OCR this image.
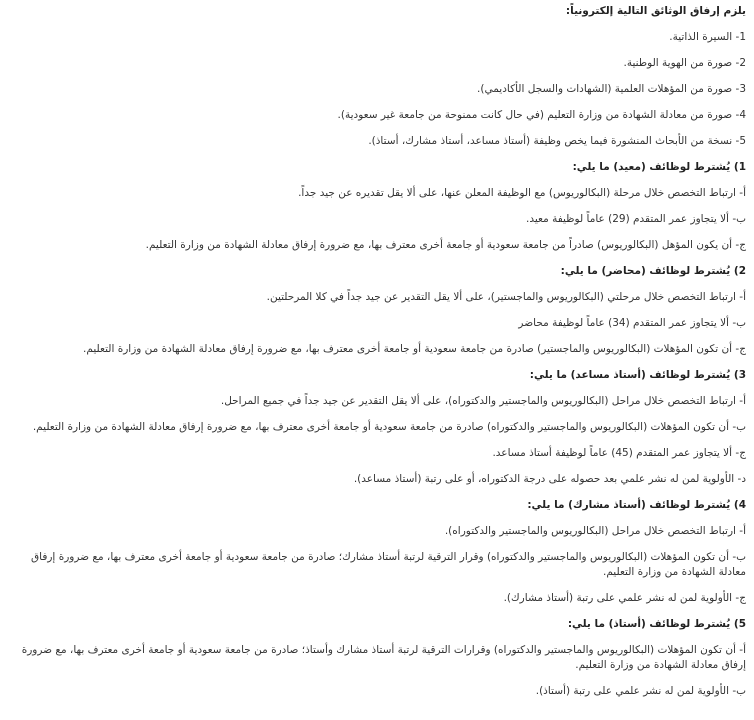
يلزم إرفاق الوثائق التالية إلكترونياً:

1- السيرة الذاتية.

2- صورة من الهوية الوطنية.

3- صورة من المؤهلات العلمية (الشهادات والسجل الأكاديمي).

4- صورة من معادلة الشهادة من وزارة التعليم (في حال كانت ممنوحة من جامعة غير سعودية).

5- نسخة من الأبحاث المنشورة فيما يخص وظيفة (أستاذ مساعد، أستاذ مشارك، أستاذ).

1) يُشترط لوظائف (معيد) ما يلي:

أ- ارتباط التخصص خلال مرحلة (البكالوريوس) مع الوظيفة المعلن عنها، على ألا يقل تقديره عن جيد جداً.

ب- ألا يتجاوز عمر المتقدم (29) عاماً لوظيفة معيد.

ج- أن يكون المؤهل (البكالوريوس) صادراً من جامعة سعودية أو جامعة أخرى معترف بها، مع ضرورة إرفاق معادلة الشهادة من وزارة التعليم.

2) يُشترط لوظائف (محاضر) ما يلي:

أ- ارتباط التخصص خلال مرحلتي (البكالوريوس والماجستير)، على ألا يقل التقدير عن جيد جداً في كلا المرحلتين.

ب- ألا يتجاوز عمر المتقدم (34) عاماً لوظيفة محاضر

ج- أن تكون المؤهلات (البكالوريوس والماجستير) صادرة من جامعة سعودية أو جامعة أخرى معترف بها، مع ضرورة إرفاق معادلة الشهادة من وزارة التعليم.

3) يُشترط لوظائف (أستاذ مساعد) ما يلي:

أ- ارتباط التخصص خلال مراحل (البكالوريوس والماجستير والدكتوراه)، على ألا يقل التقدير عن جيد جداً في جميع المراحل.

ب- أن تكون المؤهلات (البكالوريوس والماجستير والدكتوراه) صادرة من جامعة سعودية أو جامعة أخرى معترف بها، مع ضرورة إرفاق معادلة الشهادة من وزارة التعليم.

ج- ألا يتجاوز عمر المتقدم (45) عاماً لوظيفة أستاذ مساعد.

د- الأولوية لمن له نشر علمي بعد حصوله على درجة الدكتوراه، أو على رتبة (أستاذ مساعد).

4) يُشترط لوظائف (أستاذ مشارك) ما يلي:

أ- ارتباط التخصص خلال مراحل (البكالوريوس والماجستير والدكتوراه).

ب- أن تكون المؤهلات (البكالوريوس والماجستير والدكتوراه) وقرار الترقية لرتبة أستاذ مشارك؛ صادرة من جامعة سعودية أو جامعة أخرى معترف بها، مع ضرورة إرفاق معادلة الشهادة من وزارة التعليم.

ج- الأولوية لمن له نشر علمي على رتبة (أستاذ مشارك).

5) يُشترط لوظائف (أستاذ) ما يلي:

أ- أن تكون المؤهلات (البكالوريوس والماجستير والدكتوراه) وقرارات الترقية لرتبة أستاذ مشارك وأستاذ؛ صادرة من جامعة سعودية أو جامعة أخرى معترف بها، مع ضرورة إرفاق معادلة الشهادة من وزارة التعليم.

ب- الأولوية لمن له نشر علمي على رتبة (أستاذ).
